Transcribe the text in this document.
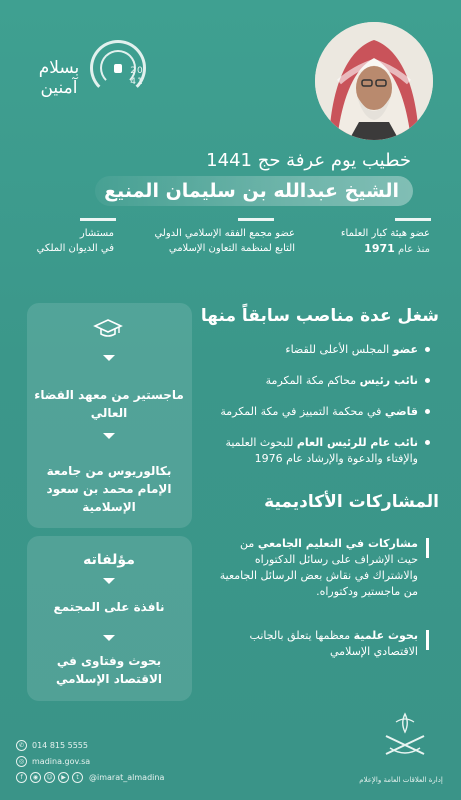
20
41
بسلام
آمنين
خطيب يوم عرفة حج 1441
الشيخ عبدالله بن سليمان المنيع
عضو هيئة كبار العلماء
منذ عام 1971
عضو مجمع الفقه الإسلامي الدولي
التابع لمنظمة التعاون الإسلامي
مستشار
في الديوان الملكي
ماجستير من معهد القضاء العالي
بكالوريوس من جامعة الإمام محمد بن سعود الإسلامية
مؤلفاته
نافذة على المجتمع
بحوث وفتاوى في الاقتصاد الإسلامي
شغل عدة مناصب سابقاً منها
عضو المجلس الأعلى للقضاء
نائب رئيس محاكم مكة المكرمة
قاضي في محكمة التمييز في مكة المكرمة
نائب عام للرئيس العام للبحوث العلمية والإفتاء والدعوة والإرشاد عام 1976
المشاركات الأكاديمية
مشاركات في التعليم الجامعي من حيث الإشراف على رسائل الدكتوراه والاشتراك في نقاش بعض الرسائل الجامعية من ماجستير ودكتوراه.
بحوث علمية معظمها يتعلق بالجانب الاقتصادي الإسلامي
✆ 014 815 5555
◎ madina.gov.sa
f	◉	☺	▶	t	@imarat_almadina	إدارة العلاقات العامة والإعلام
